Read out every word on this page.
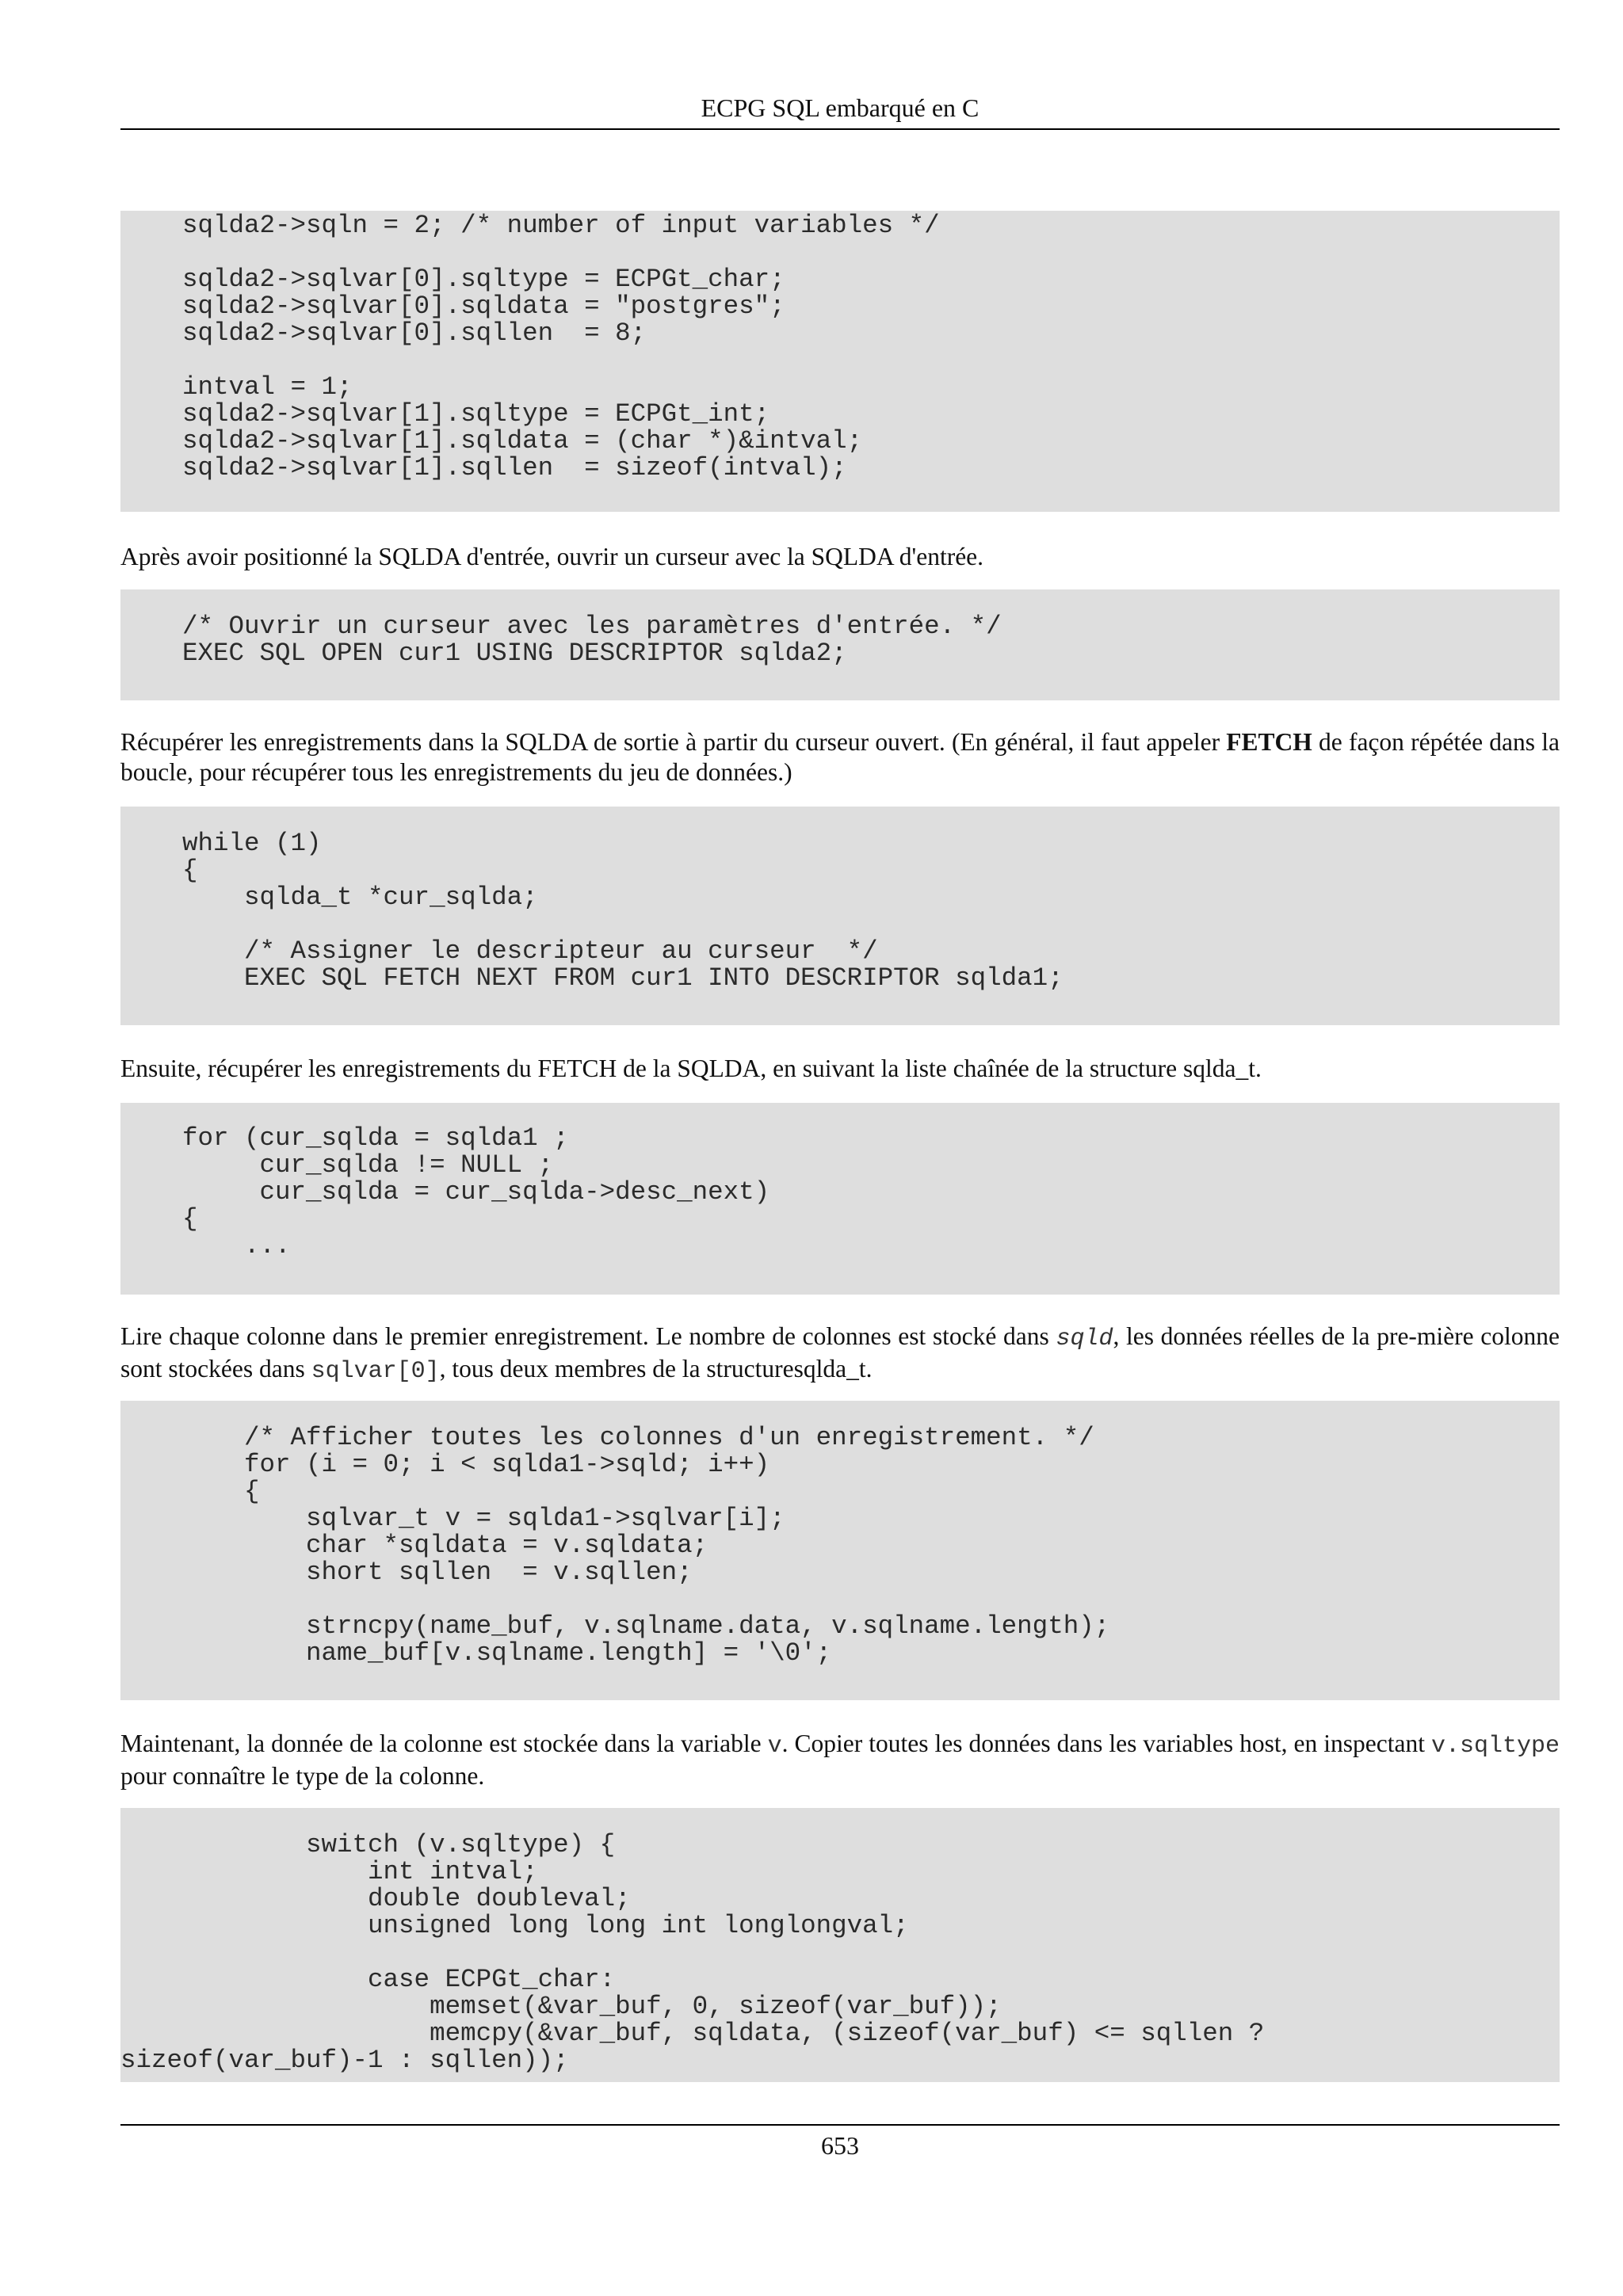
ECPG SQL embarqué en C
sqlda2->sqln = 2; /* number of input variables */

sqlda2->sqlvar[0].sqltype = ECPGt_char;
sqlda2->sqlvar[0].sqldata = "postgres";
sqlda2->sqlvar[0].sqllen  = 8;

intval = 1;
sqlda2->sqlvar[1].sqltype = ECPGt_int;
sqlda2->sqlvar[1].sqldata = (char *)&intval;
sqlda2->sqlvar[1].sqllen  = sizeof(intval);

Après avoir positionné la SQLDA d'entrée, ouvrir un curseur avec la SQLDA d'entrée.

/* Ouvrir un curseur avec les paramètres d'entrée. */
EXEC SQL OPEN cur1 USING DESCRIPTOR sqlda2;

Récupérer les enregistrements dans la SQLDA de sortie à partir du curseur ouvert. (En général, il faut appeler FETCH de façon répétée dans la boucle, pour récupérer tous les enregistrements du jeu de données.)

while (1)
{
sqlda_t *cur_sqlda;

/* Assigner le descripteur au curseur  */
EXEC SQL FETCH NEXT FROM cur1 INTO DESCRIPTOR sqlda1;

Ensuite, récupérer les enregistrements du FETCH de la SQLDA, en suivant la liste chaînée de la structure sqlda_t.

for (cur_sqlda = sqlda1 ;
cur_sqlda != NULL ;
cur_sqlda = cur_sqlda->desc_next)
{
...

Lire chaque colonne dans le premier enregistrement. Le nombre de colonnes est stocké dans sqld, les données réelles de la pre-mière colonne sont stockées dans sqlvar[0], tous deux membres de la structuresqlda_t.

/* Afficher toutes les colonnes d'un enregistrement. */
for (i = 0; i < sqlda1->sqld; i++)
{
sqlvar_t v = sqlda1->sqlvar[i];
char *sqldata = v.sqldata;
short sqllen  = v.sqllen;

strncpy(name_buf, v.sqlname.data, v.sqlname.length);
name_buf[v.sqlname.length] = '\0';

Maintenant, la donnée de la colonne est stockée dans la variable v. Copier toutes les données dans les variables host, en inspectant v.sqltype pour connaître le type de la colonne.

switch (v.sqltype) {
int intval;
double doubleval;
unsigned long long int longlongval;

case ECPGt_char:
memset(&var_buf, 0, sizeof(var_buf));
memcpy(&var_buf, sqldata, (sizeof(var_buf) <= sqllen ?
sizeof(var_buf)-1 : sqllen));
653
